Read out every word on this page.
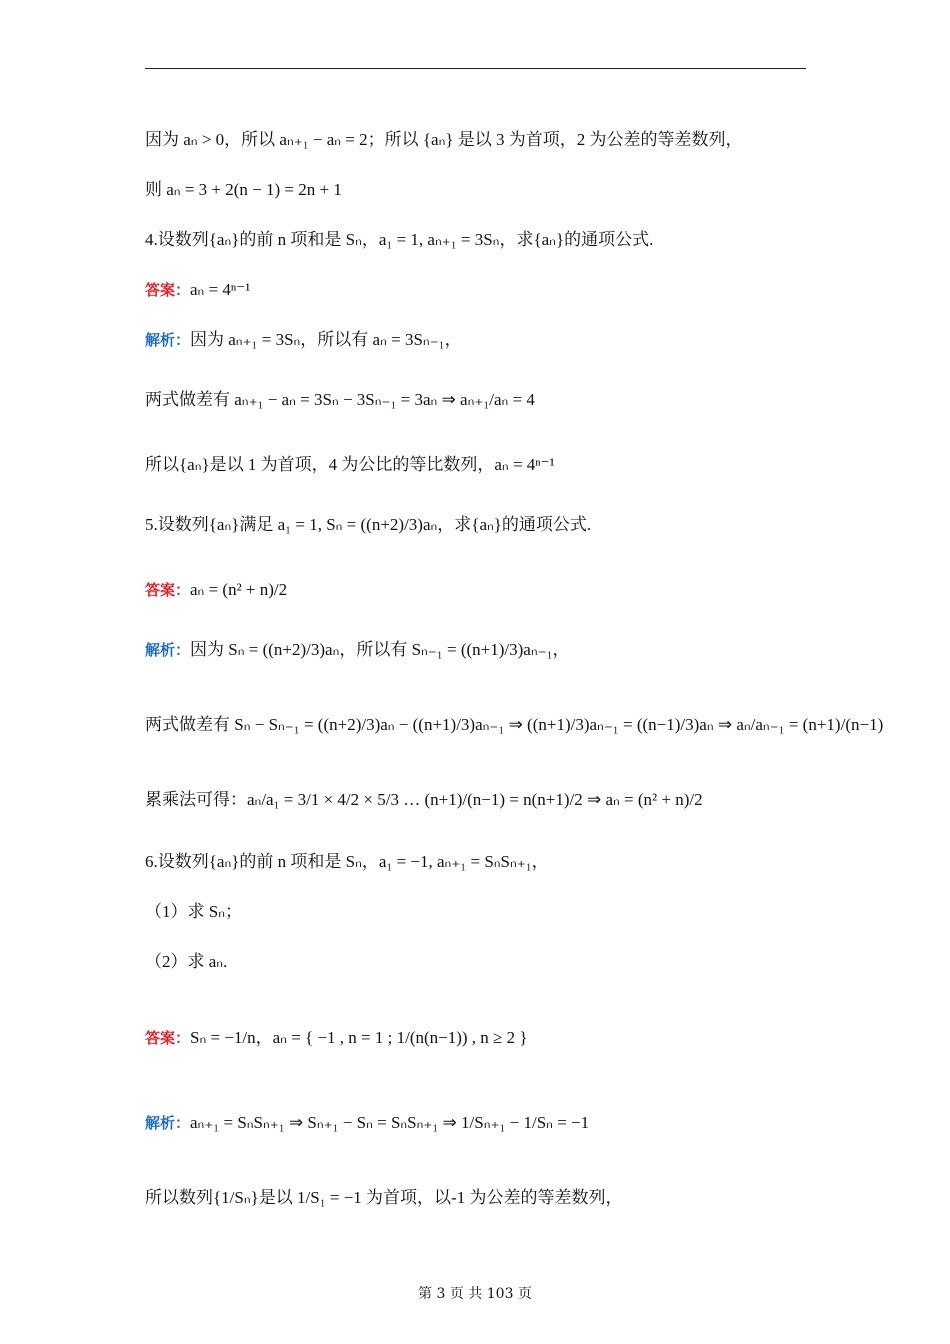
因为 aₙ > 0，所以 aₙ₊₁ − aₙ = 2；所以 {aₙ} 是以 3 为首项，2 为公差的等差数列，
则 aₙ = 3 + 2(n − 1) = 2n + 1
4.设数列{aₙ}的前 n 项和是 Sₙ，a₁ = 1, aₙ₊₁ = 3Sₙ，求{aₙ}的通项公式.
答案：aₙ = 4ⁿ⁻¹
解析：因为 aₙ₊₁ = 3Sₙ，所以有 aₙ = 3Sₙ₋₁，
两式做差有 aₙ₊₁ − aₙ = 3Sₙ − 3Sₙ₋₁ = 3aₙ ⇒ aₙ₊₁/aₙ = 4
所以{aₙ}是以 1 为首项，4 为公比的等比数列，aₙ = 4ⁿ⁻¹
5.设数列{aₙ}满足 a₁ = 1, Sₙ = ((n+2)/3)aₙ，求{aₙ}的通项公式.
答案：aₙ = (n² + n)/2
解析：因为 Sₙ = ((n+2)/3)aₙ，所以有 Sₙ₋₁ = ((n+1)/3)aₙ₋₁，
两式做差有 Sₙ − Sₙ₋₁ = ((n+2)/3)aₙ − ((n+1)/3)aₙ₋₁ ⇒ ((n+1)/3)aₙ₋₁ = ((n−1)/3)aₙ ⇒ aₙ/aₙ₋₁ = (n+1)/(n−1)
累乘法可得：aₙ/a₁ = 3/1 × 4/2 × 5/3 … (n+1)/(n−1) = n(n+1)/2 ⇒ aₙ = (n² + n)/2
6.设数列{aₙ}的前 n 项和是 Sₙ，a₁ = −1, aₙ₊₁ = SₙSₙ₊₁，
（1）求 Sₙ；
（2）求 aₙ.
答案：Sₙ = −1/n，aₙ = { −1 , n = 1 ; 1/(n(n−1)) , n ≥ 2 }
解析：aₙ₊₁ = SₙSₙ₊₁ ⇒ Sₙ₊₁ − Sₙ = SₙSₙ₊₁ ⇒ 1/Sₙ₊₁ − 1/Sₙ = −1
所以数列{1/Sₙ}是以 1/S₁ = −1 为首项，以-1 为公差的等差数列，
第 3 页 共 103 页
